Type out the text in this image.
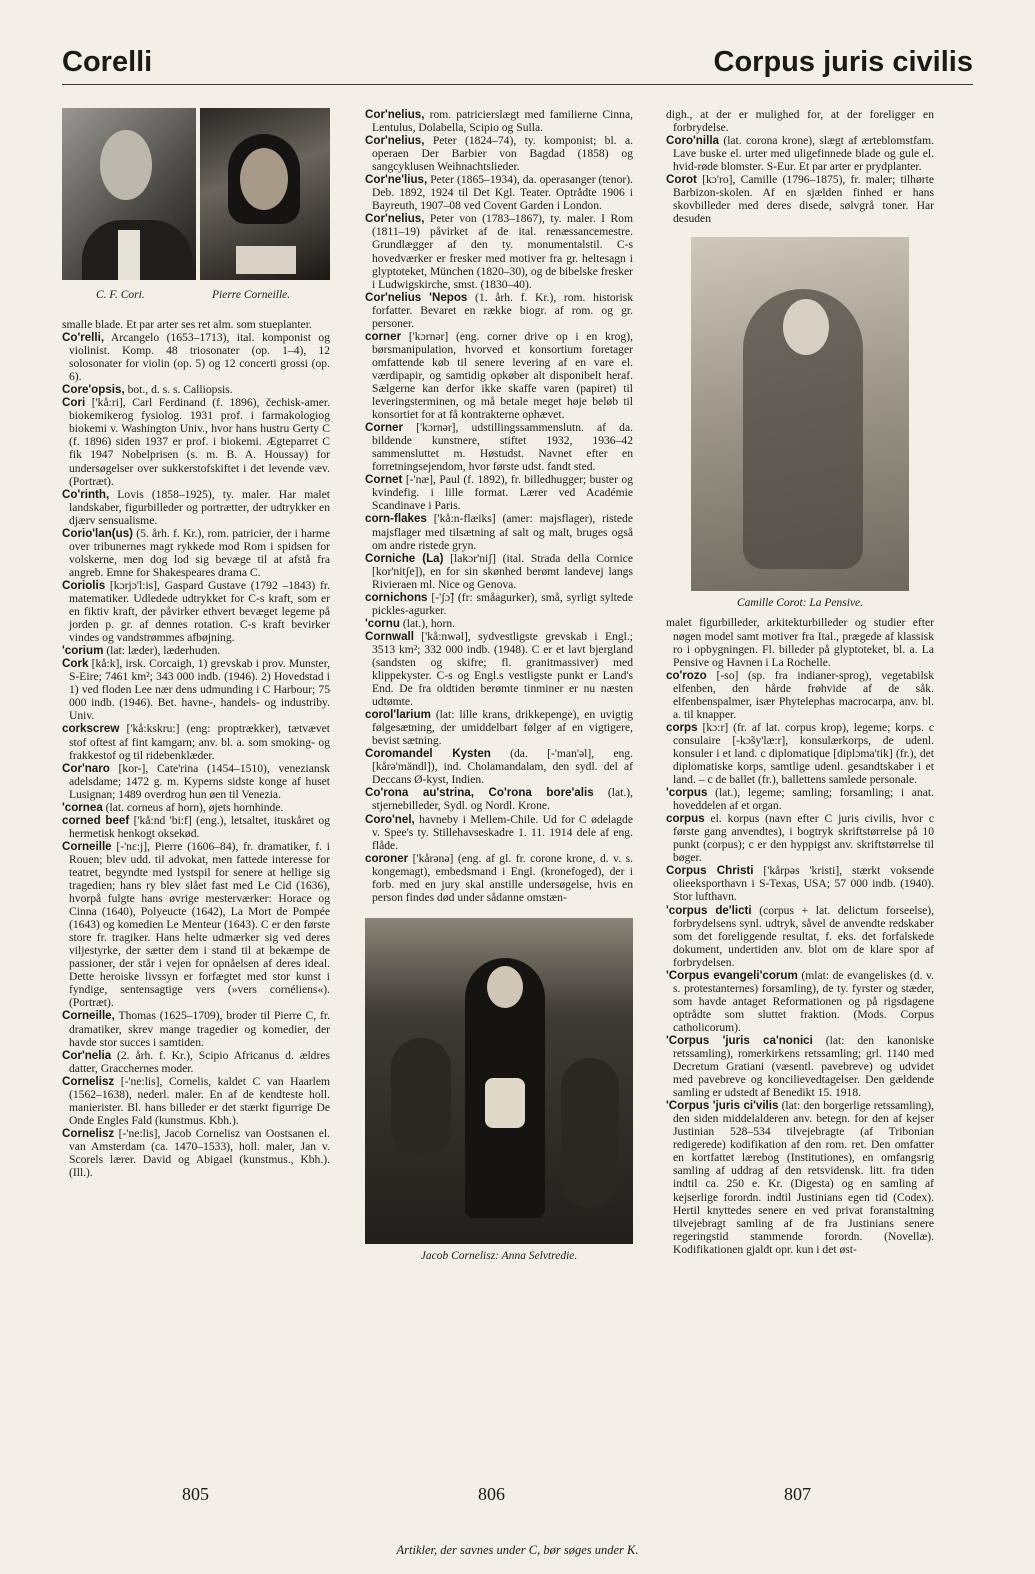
Corelli	Corpus juris civilis
C. F. Cori.	Pierre Corneille.

smalle blade. Et par arter ses ret alm. som stueplanter.

Co'relli, Arcangelo (1653–1713), ital. komponist og violinist. Komp. 48 triosonater (op. 1–4), 12 solosonater for violin (op. 5) og 12 concerti grossi (op. 6).

Core'opsis, bot., d. s. s. Calliopsis.

Cori ['kå:ri], Carl Ferdinand (f. 1896), čechisk-amer. biokemikerog fysiolog. 1931 prof. i farmakologiog biokemi v. Washington Univ., hvor hans hustru Gerty C (f. 1896) siden 1937 er prof. i biokemi. Ægteparret C fik 1947 Nobelprisen (s. m. B. A. Houssay) for undersøgelser over sukkerstofskiftet i det levende væv. (Portræt).

Co'rinth, Lovis (1858–1925), ty. maler. Har malet landskaber, figurbilleder og portrætter, der udtrykker en djærv sensualisme.

Corio'lan(us) (5. årh. f. Kr.), rom. patricier, der i harme over tribunernes magt rykkede mod Rom i spidsen for volskerne, men dog lod sig bevæge til at afstå fra angreb. Emne for Shakespeares drama C.

Coriolis [kɔrjɔ'l:is], Gaspard Gustave (1792 –1843) fr. matematiker. Udledede udtrykket for C-s kraft, som er en fiktiv kraft, der påvirker ethvert bevæget legeme på jorden p. gr. af dennes rotation. C-s kraft bevirker vindes og vandstrømmes afbøjning.

'corium (lat: læder), læderhuden.

Cork [kå:k], irsk. Corcaigh, 1) grevskab i prov. Munster, S-Eire; 7461 km²; 343 000 indb. (1946). 2) Hovedstad i 1) ved floden Lee nær dens udmunding i C Harbour; 75 000 indb. (1946). Bet. havne-, handels- og industriby. Univ.

corkscrew ['kå:kskru:] (eng: proptrækker), tætvævet stof oftest af fint kamgarn; anv. bl. a. som smoking- og frakkestof og til ridebenklæder.

Cor'naro [kor-], Cate'rina (1454–1510), veneziansk adelsdame; 1472 g. m. Kyperns sidste konge af huset Lusignan; 1489 overdrog hun øen til Venezia.

'cornea (lat. corneus af horn), øjets hornhinde.

corned beef ['kå:nd 'bi:f] (eng.), letsaltet, ituskåret og hermetisk henkogt oksekød.

Corneille [-'nɛ:j], Pierre (1606–84), fr. dramatiker, f. i Rouen; blev udd. til advokat, men fattede interesse for teatret, begyndte med lystspil for senere at hellige sig tragedien; hans ry blev slået fast med Le Cid (1636), hvorpå fulgte hans øvrige mesterværker: Horace og Cinna (1640), Polyeucte (1642), La Mort de Pompée (1643) og komedien Le Menteur (1643). C er den første store fr. tragiker. Hans helte udmærker sig ved deres viljestyrke, der sætter dem i stand til at bekæmpe de passioner, der står i vejen for opnåelsen af deres ideal. Dette heroiske livssyn er forfægtet med stor kunst i fyndige, sentensagtige vers (»vers cornéliens«). (Portræt).

Corneille, Thomas (1625–1709), broder til Pierre C, fr. dramatiker, skrev mange tragedier og komedier, der havde stor succes i samtiden.

Cor'nelia (2. årh. f. Kr.), Scipio Africanus d. ældres datter, Gracchernes moder.

Cornelisz [-'ne:lis], Cornelis, kaldet C van Haarlem (1562–1638), nederl. maler. En af de kendteste holl. manierister. Bl. hans billeder er det stærkt figurrige De Onde Engles Fald (kunstmus. Kbh.).

Cornelisz [-'ne:lis], Jacob Cornelisz van Oostsanen el. van Amsterdam (ca. 1470–1533), holl. maler, Jan v. Scorels lærer. David og Abigael (kunstmus., Kbh.). (Ill.).

Cor'nelius, rom. patricierslægt med familierne Cinna, Lentulus, Dolabella, Scipio og Sulla.

Cor'nelius, Peter (1824–74), ty. komponist; bl. a. operaen Der Barbier von Bagdad (1858) og sangcyklusen Weihnachtslieder.

Cor'ne'lius, Peter (1865–1934), da. operasanger (tenor). Deb. 1892, 1924 til Det Kgl. Teater. Optrådte 1906 i Bayreuth, 1907–08 ved Covent Garden i London.

Cor'nelius, Peter von (1783–1867), ty. maler. I Rom (1811–19) påvirket af de ital. renæssancemestre. Grundlægger af den ty. monumentalstil. C-s hovedværker er fresker med motiver fra gr. heltesagn i glyptoteket, München (1820–30), og de bibelske fresker i Ludwigskirche, smst. (1830–40).

Cor'nelius 'Nepos (1. årh. f. Kr.), rom. historisk forfatter. Bevaret en række biogr. af rom. og gr. personer.

corner ['kɔrnər] (eng. corner drive op i en krog), børsmanipulation, hvorved et konsortium foretager omfattende køb til senere levering af en vare el. værdipapir, og samtidig opkøber alt disponibelt heraf. Sælgerne kan derfor ikke skaffe varen (papiret) til leveringsterminen, og må betale meget høje beløb til konsortiet for at få kontrakterne ophævet.

Corner ['kɔrnər], udstillingssammenslutn. af da. bildende kunstnere, stiftet 1932, 1936–42 sammensluttet m. Høstudst. Navnet efter en forretningsejendom, hvor første udst. fandt sted.

Cornet [-'næ], Paul (f. 1892), fr. billedhugger; buster og kvindefig. i lille format. Lærer ved Académie Scandinave i Paris.

corn-flakes ['kå:n-flæiks] (amer: majsflager), ristede majsflager med tilsætning af salt og malt, bruges også om andre ristede gryn.

Corniche (La) [lakɔr'niʃ] (ital. Strada della Cornice [kor'nitʃe]), en for sin skønhed berømt landevej langs Rivieraen ml. Nice og Genova.

cornichons [-'ʃɔ̃] (fr: småagurker), små, syrligt syltede pickles-agurker.

'cornu (lat.), horn.

Cornwall ['kå:nwəl], sydvestligste grevskab i Engl.; 3513 km²; 332 000 indb. (1948). C er et lavt bjergland (sandsten og skifre; fl. granitmassiver) med klippekyster. C-s og Engl.s vestligste punkt er Land's End. De fra oldtiden berømte tinminer er nu næsten udtømte.

corol'larium (lat: lille krans, drikkepenge), en uvigtig følgesætning, der umiddelbart følger af en vigtigere, bevist sætning.

Coromandel Kysten (da. [-'man'əl], eng. [kårə'mändl]), ind. Cholamandalam, den sydl. del af Deccans Ø-kyst, Indien.

Co'rona au'strina, Co'rona bore'alis (lat.), stjernebilleder, Sydl. og Nordl. Krone.

Coro'nel, havneby i Mellem-Chile. Ud for C ødelagde v. Spee's ty. Stillehavseskadre 1. 11. 1914 dele af eng. flåde.

coroner ['kårənə] (eng. af gl. fr. corone krone, d. v. s. kongemagt), embedsmand i Engl. (kronefoged), der i forb. med en jury skal anstille undersøgelse, hvis en person findes død under sådanne omstæn-

Jacob Cornelisz: Anna Selvtredie.

digh., at der er mulighed for, at der foreligger en forbrydelse.

Coro'nilla (lat. corona krone), slægt af ærteblomstfam. Lave buske el. urter med uligefinnede blade og gule el. hvid-røde blomster. S-Eur. Et par arter er prydplanter.

Corot [kɔ'ro], Camille (1796–1875), fr. maler; tilhørte Barbizon-skolen. Af en sjælden finhed er hans skovbilleder med deres disede, sølvgrå toner. Har desuden

Camille Corot: La Pensive.

malet figurbilleder, arkitekturbilleder og studier efter nøgen model samt motiver fra Ital., prægede af klassisk ro i opbygningen. Fl. billeder på glyptoteket, bl. a. La Pensive og Havnen i La Rochelle.

co'rozo [-so] (sp. fra indianer-sprog), vegetabilsk elfenben, den hårde frøhvide af de såk. elfenbenspalmer, især Phytelephas macrocarpa, anv. bl. a. til knapper.

corps [kɔ:r] (fr. af lat. corpus krop), legeme; korps. c consulaire [-kɔ̃sy'læ:r], konsulærkorps, de udenl. konsuler i et land. c diplomatique [diplɔma'tik] (fr.), det diplomatiske korps, samtlige udenl. gesandtskaber i et land. – c de ballet (fr.), ballettens samlede personale.

'corpus (lat.), legeme; samling; forsamling; i anat. hoveddelen af et organ.

corpus el. korpus (navn efter C juris civilis, hvor c første gang anvendtes), i bogtryk skriftstørrelse på 10 punkt (corpus); c er den hyppigst anv. skriftstørrelse til bøger.

Corpus Christi ['kårpəs 'kristi], stærkt voksende olieeksporthavn i S-Texas, USA; 57 000 indb. (1940). Stor lufthavn.

'corpus de'licti (corpus + lat. delictum forseelse), forbrydelsens synl. udtryk, såvel de anvendte redskaber som det foreliggende resultat, f. eks. det forfalskede dokument, undertiden anv. blot om de klare spor af forbrydelsen.

'Corpus evangeli'corum (mlat: de evangeliskes (d. v. s. protestanternes) forsamling), de ty. fyrster og stæder, som havde antaget Reformationen og på rigsdagene optrådte som sluttet fraktion. (Mods. Corpus catholicorum).

'Corpus 'juris ca'nonici (lat: den kanoniske retssamling), romerkirkens retssamling; grl. 1140 med Decretum Gratiani (væsentl. pavebreve) og udvidet med pavebreve og koncilievedtagelser. Den gældende samling er udstedt af Benedikt 15. 1918.

'Corpus 'juris ci'vilis (lat: den borgerlige retssamling), den siden middelalderen anv. betegn. for den af kejser Justinian 528–534 tilvejebragte (af Tribonian redigerede) kodifikation af den rom. ret. Den omfatter en kortfattet lærebog (Institutiones), en omfangsrig samling af uddrag af den retsvidensk. litt. fra tiden indtil ca. 250 e. Kr. (Digesta) og en samling af kejserlige forordn. indtil Justinians egen tid (Codex). Hertil knyttedes senere en ved privat foranstaltning tilvejebragt samling af de fra Justinians senere regeringstid stammende forordn. (Novellæ). Kodifikationen gjaldt opr. kun i det øst-

805	806	807
Artikler, der savnes under C, bør søges under K.
